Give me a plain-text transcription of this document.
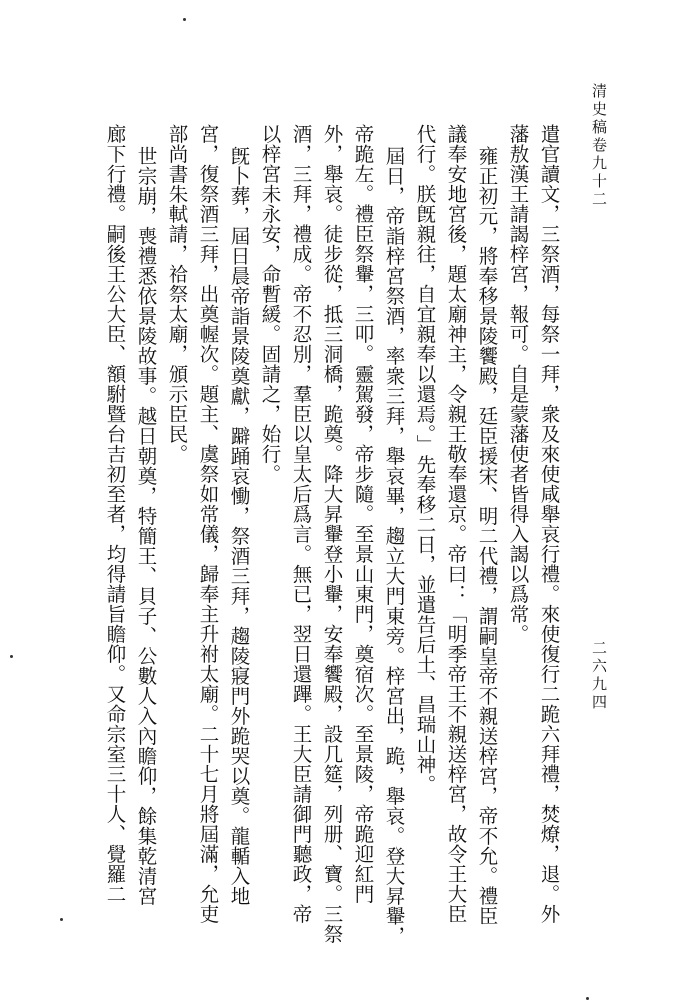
清史稿卷九十二
二六九四
遣官讀文，三祭酒，每祭一拜，衆及來使咸舉哀行禮。來使復行二跪六拜禮，焚燎，退。外
藩敖漢王請謁梓宮，報可。自是蒙藩使者皆得入謁以爲常。
雍正初元，將奉移景陵饗殿，廷臣援宋、明二代禮，謂嗣皇帝不親送梓宮，帝不允。禮臣
議奉安地宮後，題太廟神主，令親王敬奉還京。帝曰：「明季帝王不親送梓宮，故令王大臣
代行。朕旣親往，自宜親奉以還焉。」先奉移二日，並遣告后土、昌瑞山神。
屆日，帝詣梓宮祭酒，率衆三拜，舉哀畢，趨立大門東旁。梓宮出，跪，舉哀。登大昇轝，
帝跪左。禮臣祭轝，三叩。靈駕發，帝步隨。至景山東門，奠宿次。至景陵，帝跪迎紅門
外，舉哀。徒步從，抵三洞橋，跪奠。降大昇轝登小轝，安奉饗殿，設几筵，列册、寶。三祭
酒，三拜，禮成。帝不忍別，羣臣以皇太后爲言。無已，翌日還蹕。王大臣請御門聽政，帝
以梓宮未永安，命暫緩。固請之，始行。
旣卜葬，屆日晨帝詣景陵奠獻，躃踊哀慟，祭酒三拜，趨陵寢門外跪哭以奠。龍輴入地
宮，復祭酒三拜，出奠幄次。題主、虞祭如常儀，歸奉主升祔太廟。二十七月將屆滿，允吏
部尚書朱軾請，祫祭太廟，頒示臣民。
世宗崩，喪禮悉依景陵故事。越日朝奠，特簡王、貝子、公數人入內瞻仰，餘集乾清宮
廊下行禮。嗣後王公大臣、額駙暨台吉初至者，均得請旨瞻仰。又命宗室三十人、覺羅二
